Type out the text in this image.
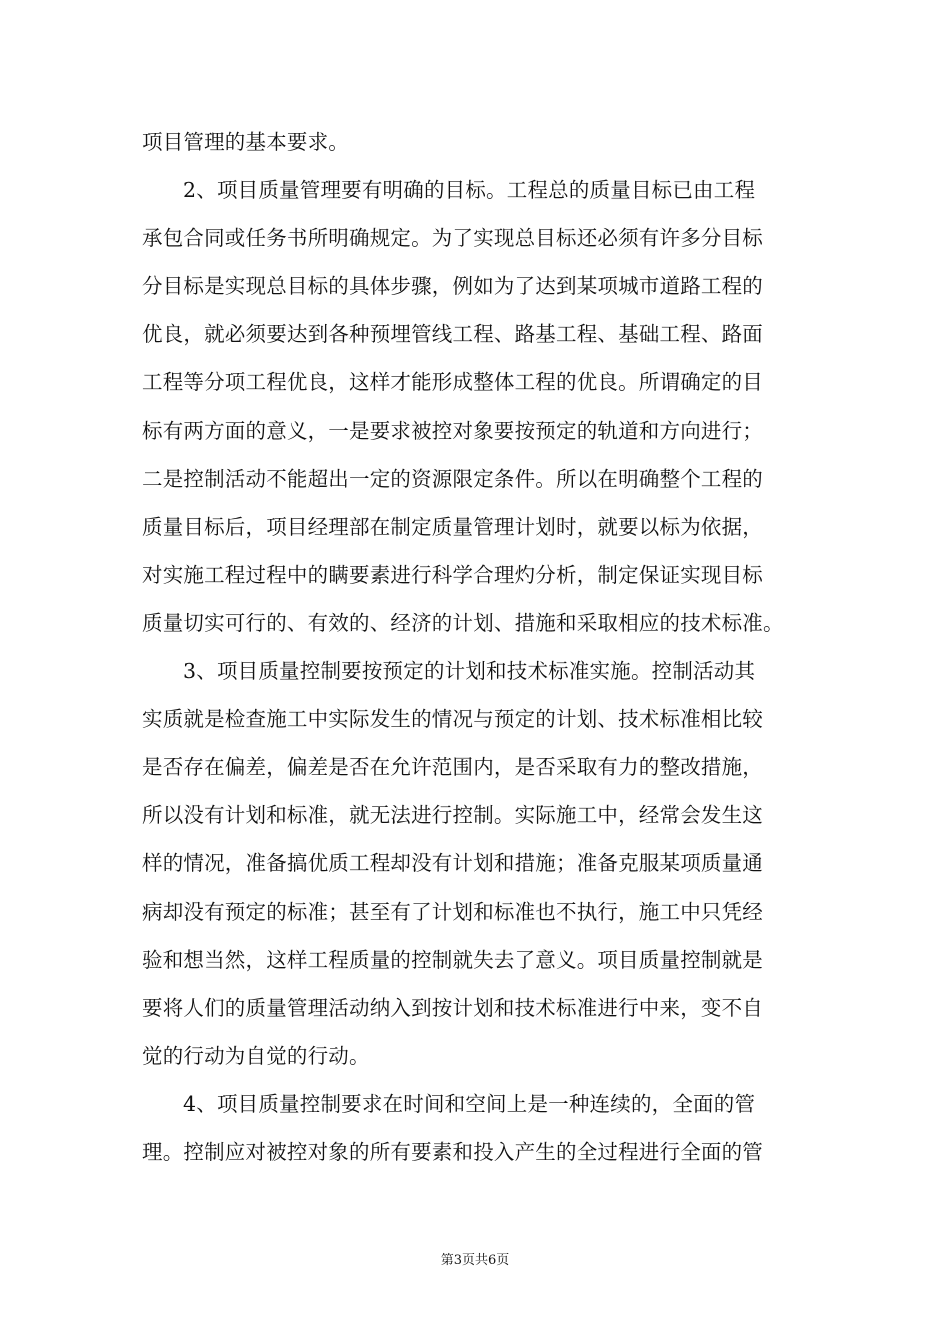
项目管理的基本要求。
2、项目质量管理要有明确的目标。工程总的质量目标已由工程
承包合同或任务书所明确规定。为了实现总目标还必须有许多分目标
分目标是实现总目标的具体步骤，例如为了达到某项城市道路工程的
优良，就必须要达到各种预埋管线工程、路基工程、基础工程、路面
工程等分项工程优良，这样才能形成整体工程的优良。所谓确定的目
标有两方面的意义，一是要求被控对象要按预定的轨道和方向进行；
二是控制活动不能超出一定的资源限定条件。所以在明确整个工程的
质量目标后，项目经理部在制定质量管理计划时，就要以标为依据，
对实施工程过程中的瞒要素进行科学合理灼分析，制定保证实现目标
质量切实可行的、有效的、经济的计划、措施和采取相应的技术标准。
3、项目质量控制要按预定的计划和技术标准实施。控制活动其
实质就是检查施工中实际发生的情况与预定的计划、技术标准相比较
是否存在偏差，偏差是否在允许范围内，是否采取有力的整改措施，
所以没有计划和标准，就无法进行控制。实际施工中，经常会发生这
样的情况，准备搞优质工程却没有计划和措施；准备克服某项质量通
病却没有预定的标准；甚至有了计划和标准也不执行，施工中只凭经
验和想当然，这样工程质量的控制就失去了意义。项目质量控制就是
要将人们的质量管理活动纳入到按计划和技术标准进行中来，变不自
觉的行动为自觉的行动。
4、项目质量控制要求在时间和空间上是一种连续的，全面的管
理。控制应对被控对象的所有要素和投入产生的全过程进行全面的管
第3页共6页
